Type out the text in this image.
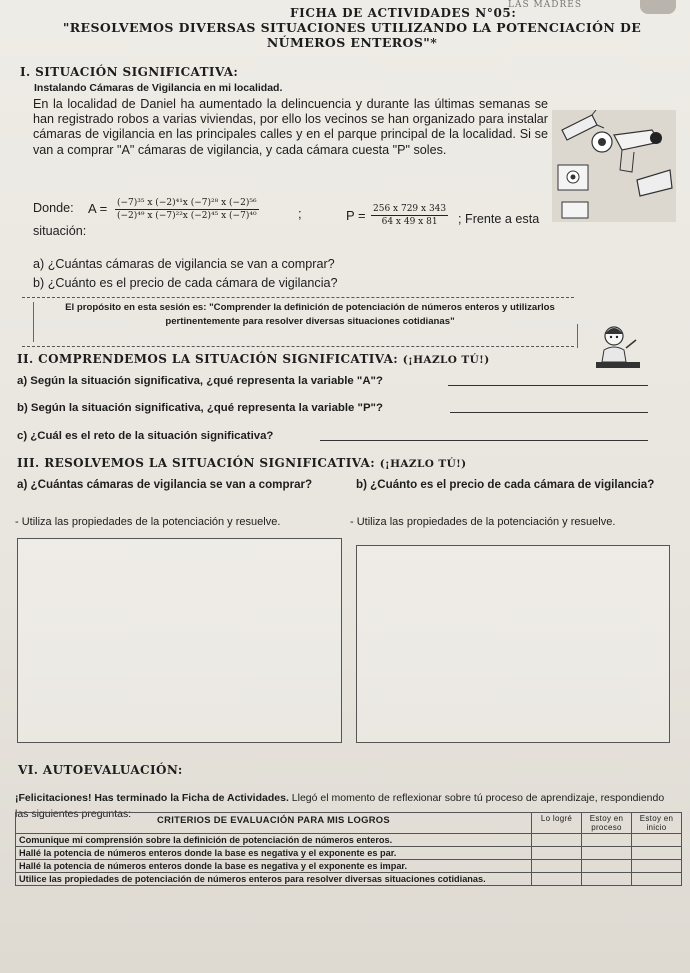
LAS MADRES
FICHA DE ACTIVIDADES N°05:
"RESOLVEMOS DIVERSAS SITUACIONES UTILIZANDO LA POTENCIACIÓN DE
NÚMEROS ENTEROS"*
I. SITUACIÓN SIGNIFICATIVA:
Instalando Cámaras de Vigilancia en mi localidad.
En la localidad de Daniel ha aumentado la delincuencia y durante las últimas semanas se han registrado robos a varias viviendas, por ello los vecinos se han organizado para instalar cámaras de vigilancia en las principales calles y en el parque principal de la localidad. Si se van a comprar "A" cámaras de vigilancia, y cada cámara cuesta "P" soles.
Donde:
situación:
$A = \frac{\text{(−7)³⁵ x (−2)⁴¹x (−7)²⁸ x (−2)⁵⁶}}{\text{(−2)⁴⁹ x (−7)²²x (−2)⁴⁵ x (−7)⁴⁰}}$	;	$P = \frac{256 x 729 x 343}{64 x 49 x 81}$ ; Frente a esta
a) ¿Cuántas cámaras de vigilancia se van a comprar?
b) ¿Cuánto es el precio de cada cámara de vigilancia?
El propósito en esta sesión es: "Comprender la definición de potenciación de números enteros y utilizarlos
pertinentemente para resolver diversas situaciones cotidianas"
II. COMPRENDEMOS LA SITUACIÓN SIGNIFICATIVA: (¡HAZLO TÚ!)
a) Según la situación significativa, ¿qué representa la variable "A"?
b) Según la situación significativa, ¿qué representa la variable "P"?
c) ¿Cuál es el reto de la situación significativa?
III. RESOLVEMOS LA SITUACIÓN SIGNIFICATIVA: (¡HAZLO TÚ!)
a) ¿Cuántas cámaras de vigilancia se van a comprar?	b) ¿Cuánto es el precio de cada cámara de vigilancia?
- Utiliza las propiedades de la potenciación y resuelve.	- Utiliza las propiedades de la potenciación y resuelve.
VI. AUTOEVALUACIÓN:
¡Felicitaciones! Has terminado la Ficha de Actividades. Llegó el momento de reflexionar sobre tú proceso de aprendizaje, respondiendo las siguientes preguntas:	CRITERIOS DE EVALUACIÓN PARA MIS LOGROS	Lo logré	Estoy en proceso	Estoy en inicio
Comunique mi comprensión sobre la definición de potenciación de números enteros.			
Hallé la potencia de números enteros donde la base es negativa y el exponente es par.			
Hallé la potencia de números enteros donde la base es negativa y el exponente es impar.			
Utilice las propiedades de potenciación de números enteros para resolver diversas situaciones cotidianas.			
